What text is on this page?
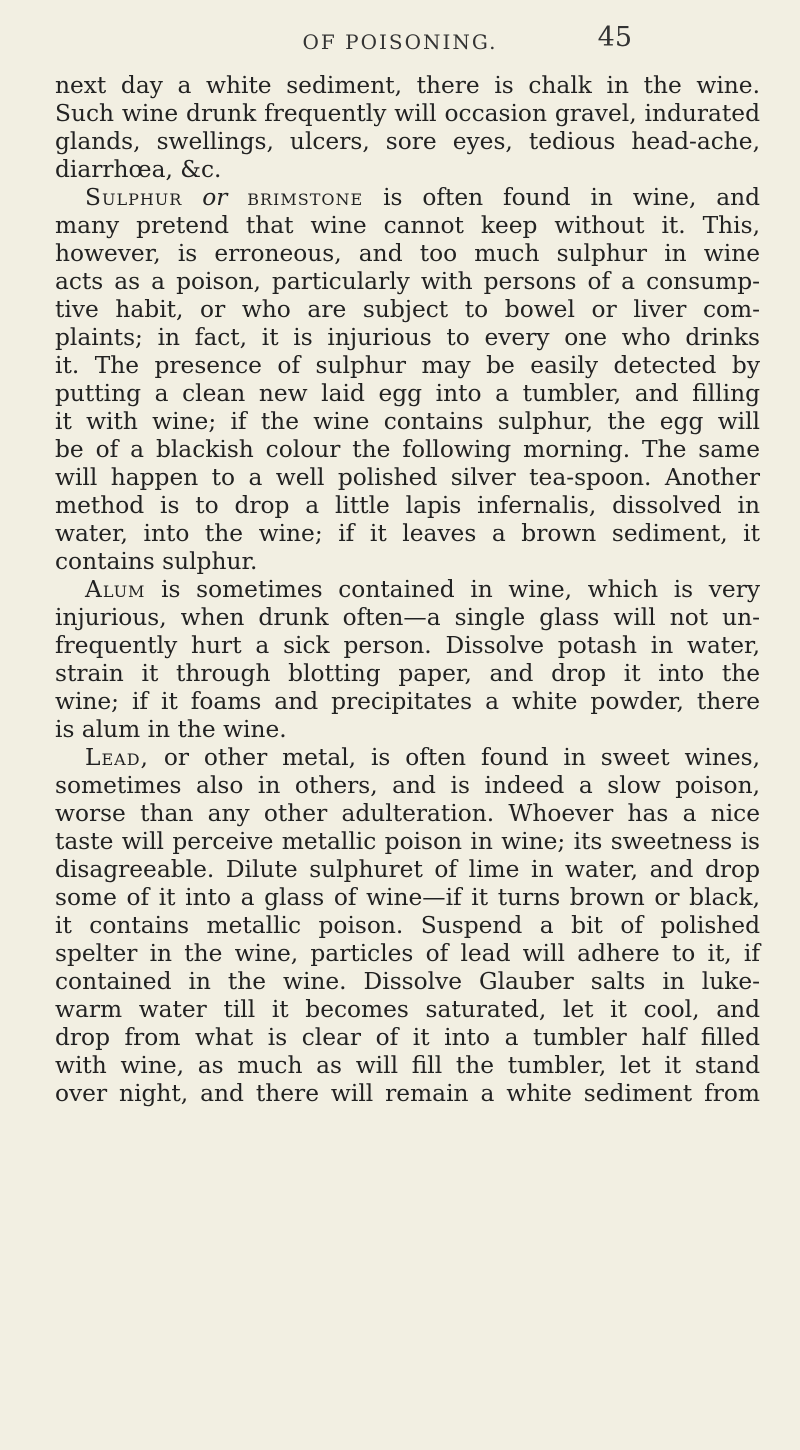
OF POISONING.	45

next day a white sediment, there is chalk in the wine.

Such wine drunk frequently will occasion gravel, indurated

glands, swellings, ulcers, sore eyes, tedious head-ache,

diarrhœa, &c.

Sulphur or brimstone is often found in wine, and

many pretend that wine cannot keep without it. This,

however, is erroneous, and too much sulphur in wine

acts as a poison, particularly with persons of a consump-

tive habit, or who are subject to bowel or liver com-

plaints; in fact, it is injurious to every one who drinks

it. The presence of sulphur may be easily detected by

putting a clean new laid egg into a tumbler, and filling

it with wine; if the wine contains sulphur, the egg will

be of a blackish colour the following morning. The same

will happen to a well polished silver tea-spoon. Another

method is to drop a little lapis infernalis, dissolved in

water, into the wine; if it leaves a brown sediment, it

contains sulphur.

Alum is sometimes contained in wine, which is very

injurious, when drunk often—a single glass will not un-

frequently hurt a sick person. Dissolve potash in water,

strain it through blotting paper, and drop it into the

wine; if it foams and precipitates a white powder, there

is alum in the wine.

Lead, or other metal, is often found in sweet wines,

sometimes also in others, and is indeed a slow poison,

worse than any other adulteration. Whoever has a nice

taste will perceive metallic poison in wine; its sweetness is

disagreeable. Dilute sulphuret of lime in water, and drop

some of it into a glass of wine—if it turns brown or black,

it contains metallic poison. Suspend a bit of polished

spelter in the wine, particles of lead will adhere to it, if

contained in the wine. Dissolve Glauber salts in luke-

warm water till it becomes saturated, let it cool, and

drop from what is clear of it into a tumbler half filled

with wine, as much as will fill the tumbler, let it stand

over night, and there will remain a white sediment from
